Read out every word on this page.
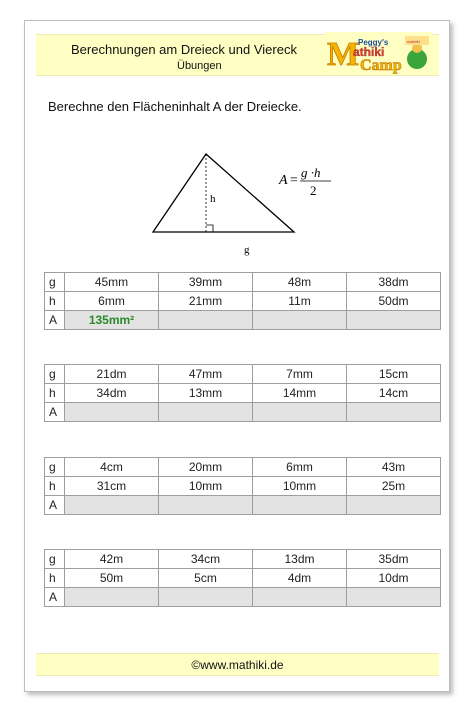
Berechnungen am Dreieck und Viereck
Übungen	M
Peggy's
athiki
Camp
mathiki
Berechne den Flächeninhalt A der Dreiecke.
h
g
A =
g ·h
2
g	45mm	39mm	48m	38dm
h	6mm	21mm	11m	50dm
A	135mm²			
g	21dm	47mm	7mm	15cm
h	34dm	13mm	14mm	14cm
A				
g	4cm	20mm	6mm	43m
h	31cm	10mm	10mm	25m
A				
g	42m	34cm	13dm	35dm
h	50m	5cm	4dm	10dm
A				
©www.mathiki.de
